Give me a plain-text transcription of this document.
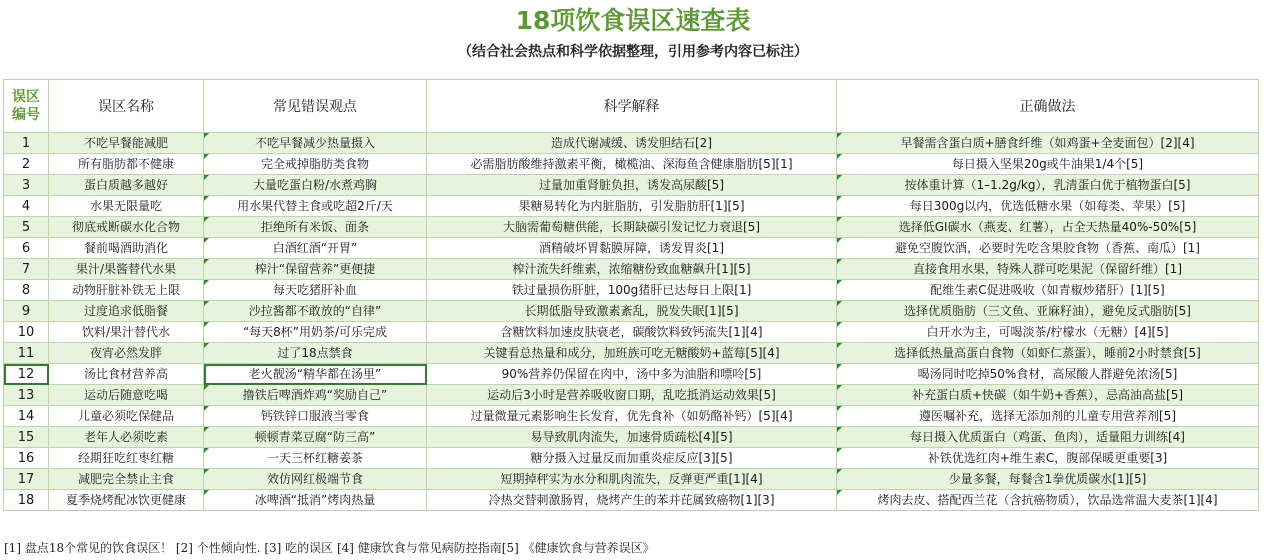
18项饮食误区速查表
（结合社会热点和科学依据整理，引用参考内容已标注）
误区编号	误区名称	常见错误观点	科学解释	正确做法
1	不吃早餐能减肥	不吃早餐减少热量摄入	造成代谢减缓、诱发胆结石[2]	早餐需含蛋白质+膳食纤维（如鸡蛋+全麦面包）[2][4]
2	所有脂肪都不健康	完全戒掉脂肪类食物	必需脂肪酸维持激素平衡，橄榄油、深海鱼含健康脂肪[5][1]	每日摄入坚果20g或牛油果1/4个[5]
3	蛋白质越多越好	大量吃蛋白粉/水煮鸡胸	过量加重肾脏负担，诱发高尿酸[5]	按体重计算（1–1.2g/kg），乳清蛋白优于植物蛋白[5]
4	水果无限量吃	用水果代替主食或吃超2斤/天	果糖易转化为内脏脂肪，引发脂肪肝[1][5]	每日300g以内，优选低糖水果（如莓类、苹果）[5]
5	彻底戒断碳水化合物	拒绝所有米饭、面条	大脑需葡萄糖供能，长期缺碳引发记忆力衰退[5]	选择低GI碳水（燕麦、红薯），占全天热量40%-50%[5]
6	餐前喝酒助消化	白酒红酒“开胃”	酒精破坏胃黏膜屏障，诱发胃炎[1]	避免空腹饮酒，必要时先吃含果胶食物（香蕉、南瓜）[1]
7	果汁/果酱替代水果	榨汁“保留营养”更便捷	榨汁流失纤维素，浓缩糖份致血糖飙升[1][5]	直接食用水果，特殊人群可吃果泥（保留纤维）[1]
8	动物肝脏补铁无上限	每天吃猪肝补血	铁过量损伤肝脏，100g猪肝已达每日上限[1]	配维生素C促进吸收（如青椒炒猪肝）[1][5]
9	过度追求低脂餐	沙拉酱都不敢放的“自律”	长期低脂导致激素紊乱，脱发失眠[1][5]	选择优质脂肪（三文鱼、亚麻籽油），避免反式脂肪[5]
10	饮料/果汁替代水	“每天8杯”用奶茶/可乐完成	含糖饮料加速皮肤衰老，碳酸饮料致钙流失[1][4]	白开水为主，可喝淡茶/柠檬水（无糖）[4][5]
11	夜宵必然发胖	过了18点禁食	关键看总热量和成分，加班族可吃无糖酸奶+蓝莓[5][4]	选择低热量高蛋白食物（如虾仁蒸蛋），睡前2小时禁食[5]
12	汤比食材营养高	老火靓汤“精华都在汤里”	90%营养仍保留在肉中，汤中多为油脂和嘌呤[5]	喝汤同时吃掉50%食材，高尿酸人群避免浓汤[5]
13	运动后随意吃喝	撸铁后啤酒炸鸡“奖励自己”	运动后3小时是营养吸收窗口期，乱吃抵消运动效果[5]	补充蛋白质+快碳（如牛奶+香蕉），忌高油高盐[5]
14	儿童必须吃保健品	钙铁锌口服液当零食	过量微量元素影响生长发育，优先食补（如奶酪补钙）[5][4]	遵医嘱补充，选择无添加剂的儿童专用营养剂[5]
15	老年人必须吃素	顿顿青菜豆腐“防三高”	易导致肌肉流失，加速骨质疏松[4][5]	每日摄入优质蛋白（鸡蛋、鱼肉），适量阻力训练[4]
16	经期狂吃红枣红糖	一天三杯红糖姜茶	糖分摄入过量反而加重炎症反应[3][5]	补铁优选红肉+维生素C，腹部保暖更重要[3]
17	减肥完全禁止主食	效仿网红极端节食	短期掉秤实为水分和肌肉流失，反弹更严重[1][4]	少量多餐，每餐含1拳优质碳水[1][5]
18	夏季烧烤配冰饮更健康	冰啤酒“抵消”烤肉热量	冷热交替刺激肠胃，烧烤产生的苯并芘属致癌物[1][3]	烤肉去皮、搭配西兰花（含抗癌物质），饮品选常温大麦茶[1][4]
[1] 盘点18个常见的饮食误区！ [2] 个性倾向性. [3] 吃的误区 [4] 健康饮食与常见病防控指南[5] 《健康饮食与营养误区》
